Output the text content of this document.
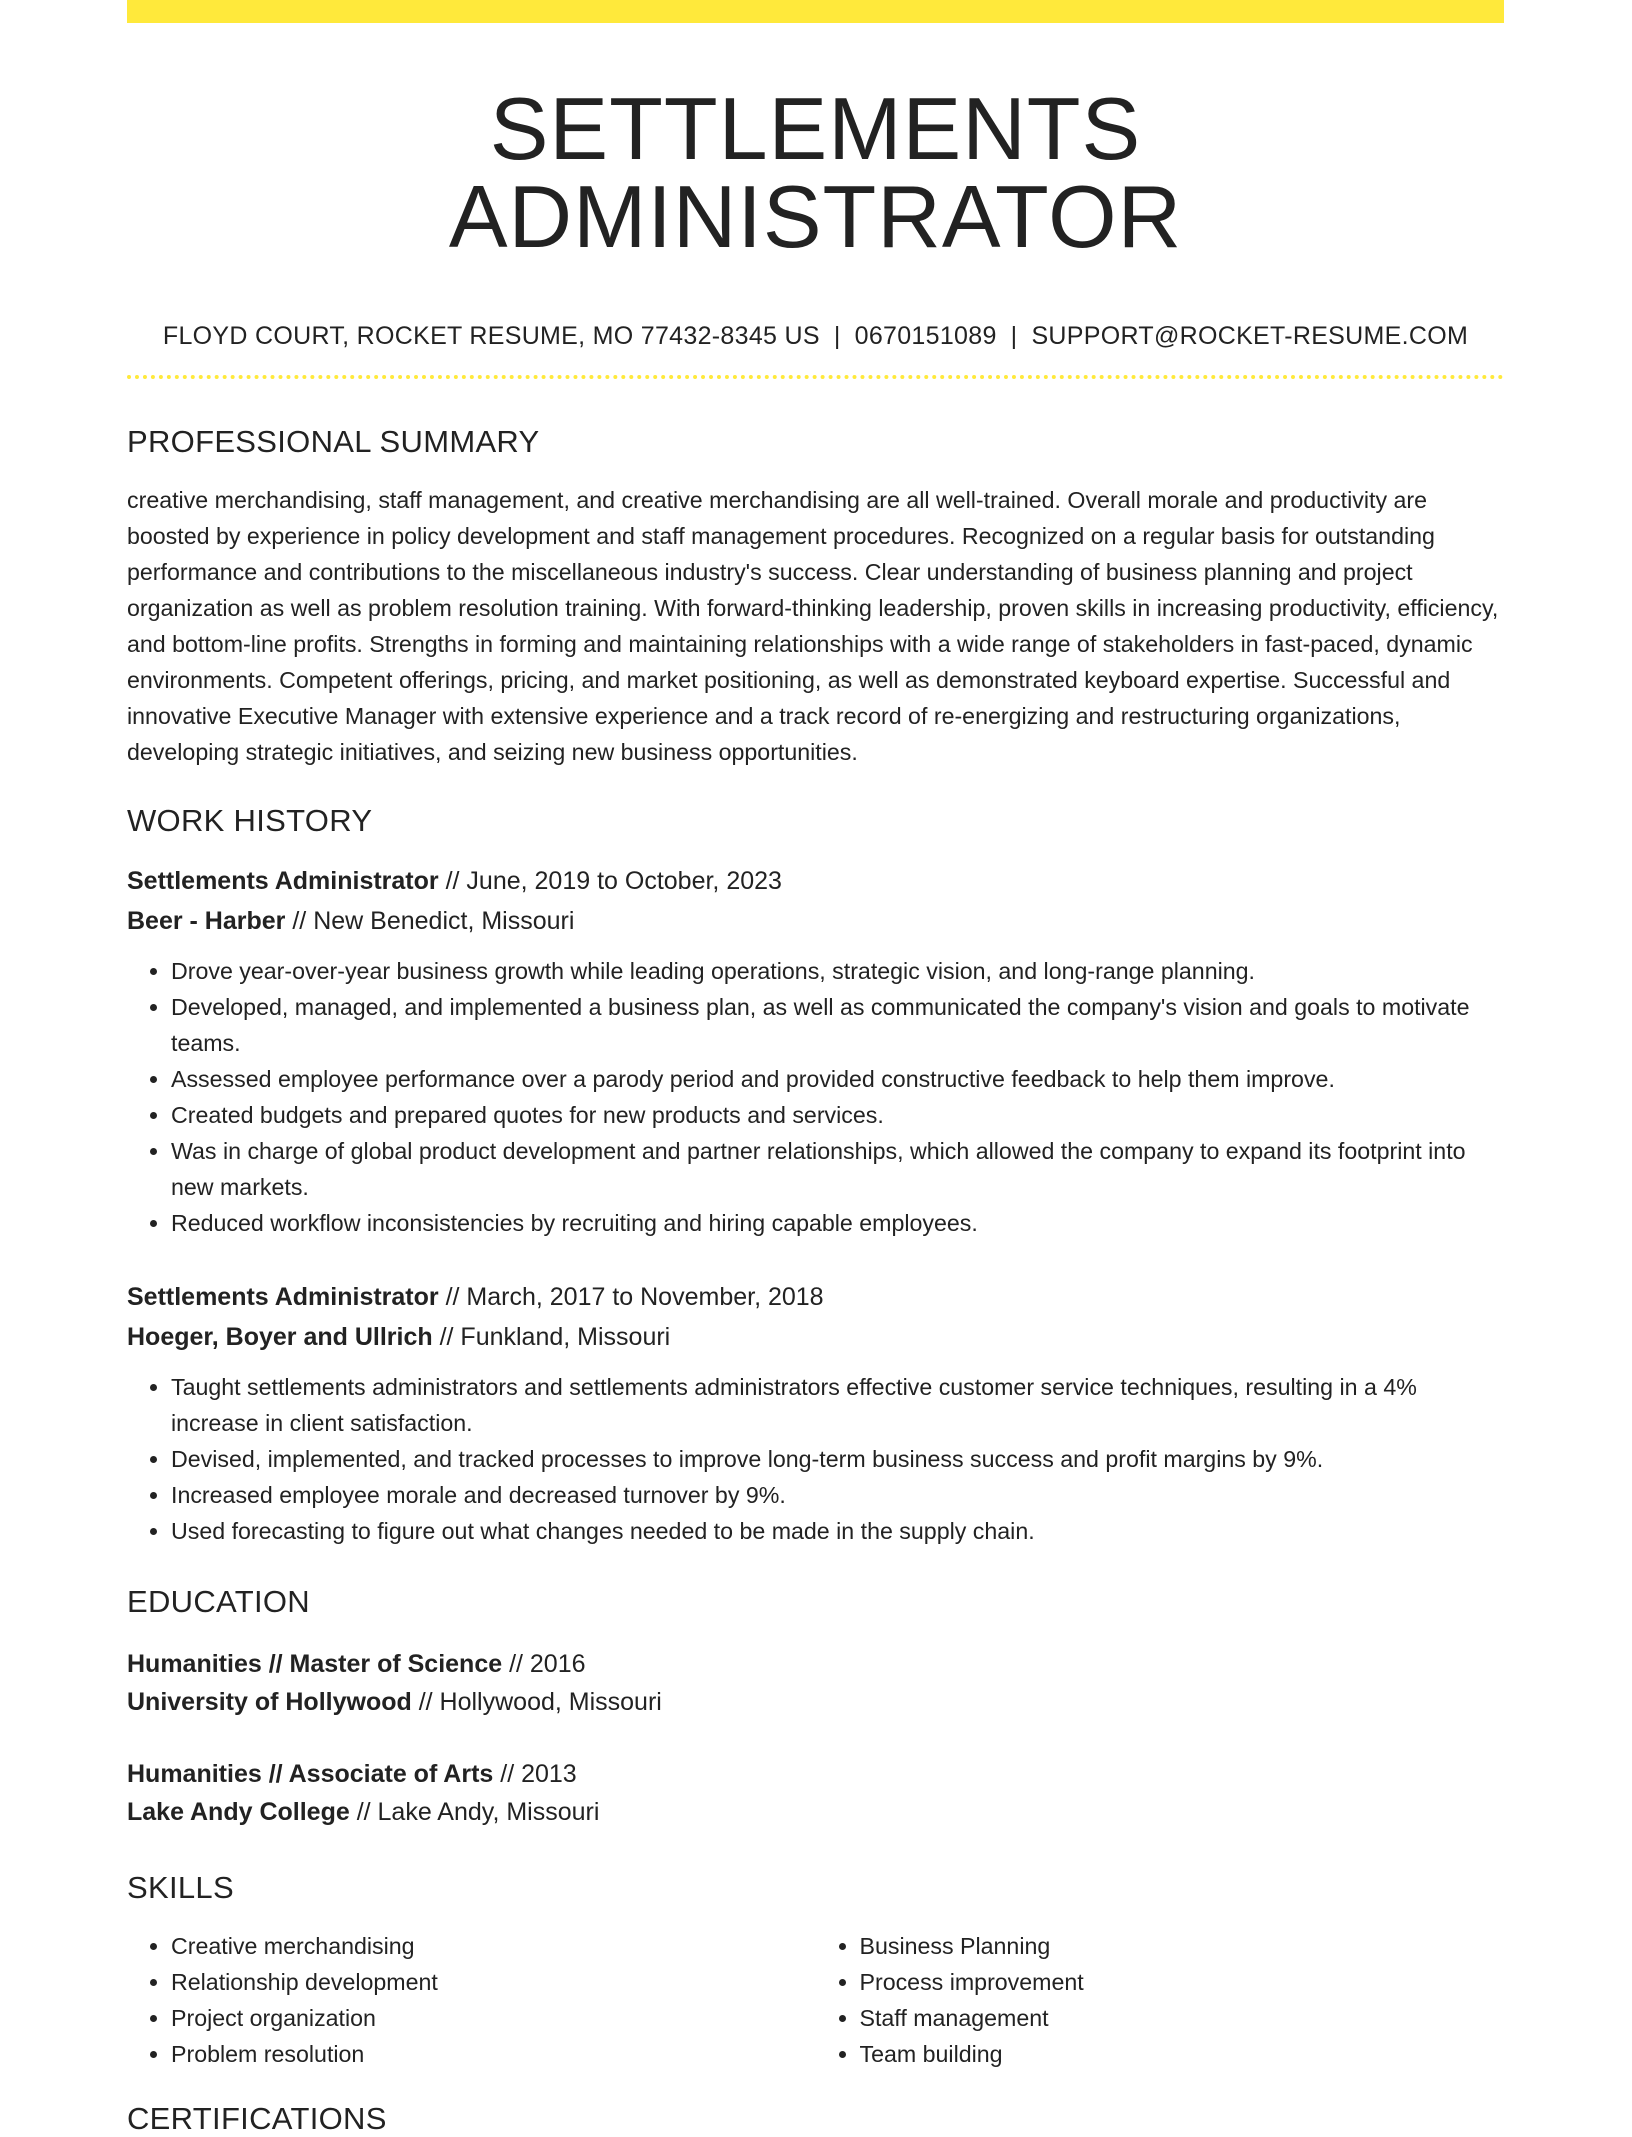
SETTLEMENTS ADMINISTRATOR
FLOYD COURT, ROCKET RESUME, MO 77432-8345 US | 0670151089 | SUPPORT@ROCKET-RESUME.COM
PROFESSIONAL SUMMARY

creative merchandising, staff management, and creative merchandising are all well-trained. Overall morale and productivity are boosted by experience in policy development and staff management procedures. Recognized on a regular basis for outstanding performance and contributions to the miscellaneous industry's success. Clear understanding of business planning and project organization as well as problem resolution training. With forward-thinking leadership, proven skills in increasing productivity, efficiency, and bottom-line profits. Strengths in forming and maintaining relationships with a wide range of stakeholders in fast-paced, dynamic environments. Competent offerings, pricing, and market positioning, as well as demonstrated keyboard expertise. Successful and innovative Executive Manager with extensive experience and a track record of re-energizing and restructuring organizations, developing strategic initiatives, and seizing new business opportunities.

WORK HISTORY
Settlements Administrator // June, 2019 to October, 2023
Beer - Harber // New Benedict, Missouri
• Drove year-over-year business growth while leading operations, strategic vision, and long-range planning.
• Developed, managed, and implemented a business plan, as well as communicated the company's vision and goals to motivate teams.
• Assessed employee performance over a parody period and provided constructive feedback to help them improve.
• Created budgets and prepared quotes for new products and services.
• Was in charge of global product development and partner relationships, which allowed the company to expand its footprint into new markets.
• Reduced workflow inconsistencies by recruiting and hiring capable employees.
Settlements Administrator // March, 2017 to November, 2018
Hoeger, Boyer and Ullrich // Funkland, Missouri
• Taught settlements administrators and settlements administrators effective customer service techniques, resulting in a 4% increase in client satisfaction.
• Devised, implemented, and tracked processes to improve long-term business success and profit margins by 9%.
• Increased employee morale and decreased turnover by 9%.
• Used forecasting to figure out what changes needed to be made in the supply chain.
EDUCATION
Humanities // Master of Science // 2016
University of Hollywood // Hollywood, Missouri
Humanities // Associate of Arts // 2013
Lake Andy College // Lake Andy, Missouri
SKILLS
• Creative merchandising
• Relationship development
• Project organization
• Problem resolution
• Business Planning
• Process improvement
• Staff management
• Team building
CERTIFICATIONS
